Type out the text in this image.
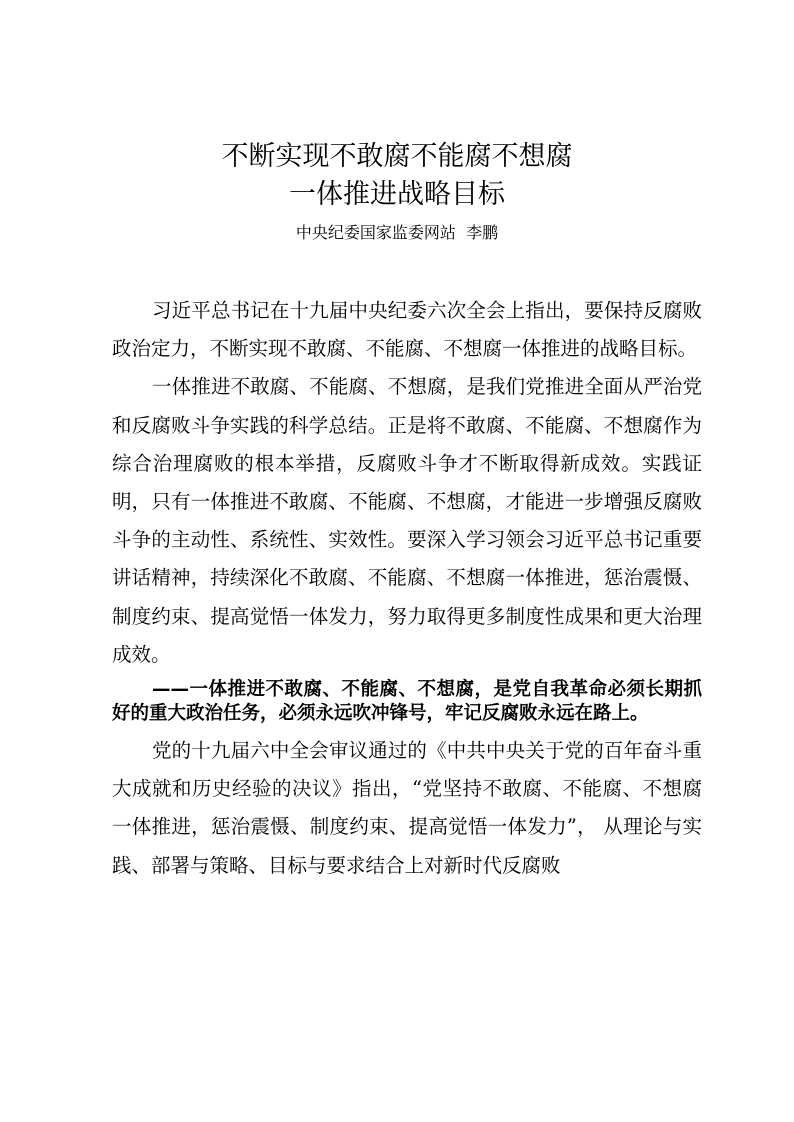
不断实现不敢腐不能腐不想腐
一体推进战略目标
中央纪委国家监委网站  李鹏

习近平总书记在十九届中央纪委六次全会上指出，要保持反腐败政治定力，不断实现不敢腐、不能腐、不想腐一体推进的战略目标。

一体推进不敢腐、不能腐、不想腐，是我们党推进全面从严治党和反腐败斗争实践的科学总结。正是将不敢腐、不能腐、不想腐作为综合治理腐败的根本举措，反腐败斗争才不断取得新成效。实践证明，只有一体推进不敢腐、不能腐、不想腐，才能进一步增强反腐败斗争的主动性、系统性、实效性。要深入学习领会习近平总书记重要讲话精神，持续深化不敢腐、不能腐、不想腐一体推进，惩治震慑、制度约束、提高觉悟一体发力，努力取得更多制度性成果和更大治理成效。

——一体推进不敢腐、不能腐、不想腐，是党自我革命必须长期抓好的重大政治任务，必须永远吹冲锋号，牢记反腐败永远在路上。

党的十九届六中全会审议通过的《中共中央关于党的百年奋斗重大成就和历史经验的决议》指出，“党坚持不敢腐、不能腐、不想腐一体推进，惩治震慑、制度约束、提高觉悟一体发力”， 从理论与实践、部署与策略、目标与要求结合上对新时代反腐败
